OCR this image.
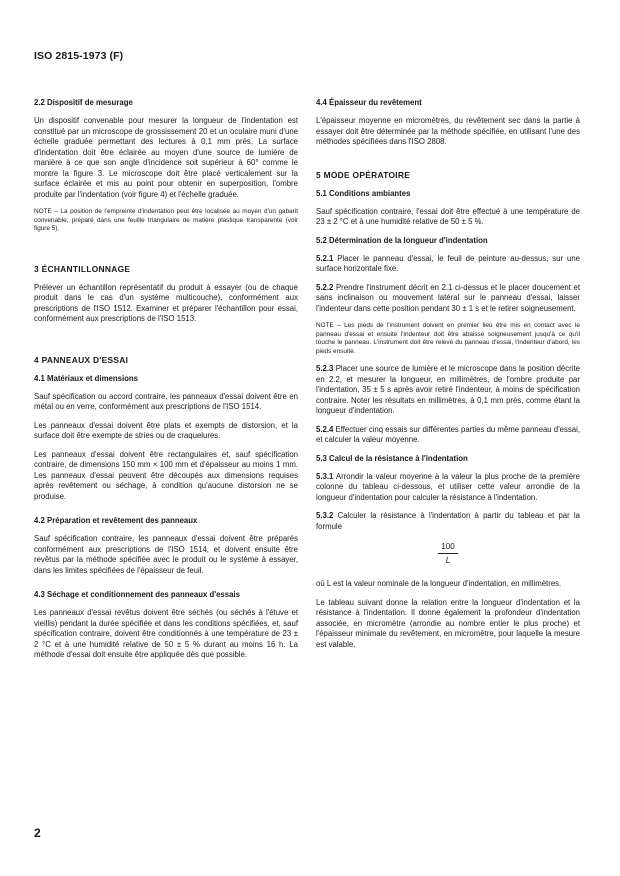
ISO 2815-1973 (F)
2.2 Dispositif de mesurage

Un dispositif convenable pour mesurer la longueur de l'indentation est constitué par un microscope de grossissement 20 et un oculaire muni d'une échelle graduée permettant des lectures à 0,1 mm près. La surface d'indentation doit être éclairée au moyen d'une source de lumière de manière à ce que son angle d'incidence soit supérieur à 60° comme le montre la figure 3. Le microscope doit être placé verticalement sur la surface éclairée et mis au point pour obtenir en superposition, l'ombre produite par l'indentation (voir figure 4) et l'échelle graduée.

NOTE – La position de l'empreinte d'indentation peut être localisée au moyen d'un gabarit convenable, préparé dans une feuille triangulaire de matière plastique transparente (voir figure 5).

3 ÉCHANTILLONNAGE

Prélever un échantillon représentatif du produit à essayer (ou de chaque produit dans le cas d'un système multicouche), conformément aux prescriptions de l'ISO 1512. Examiner et préparer l'échantillon pour essai, conformément aux prescriptions de l'ISO 1513.

4 PANNEAUX D'ESSAI
4.1 Matériaux et dimensions

Sauf spécification ou accord contraire, les panneaux d'essai doivent être en métal ou en verre, conformément aux prescriptions de l'ISO 1514.

Les panneaux d'essai doivent être plats et exempts de distorsion, et la surface doit être exempte de stries ou de craquelures.

Les panneaux d'essai doivent être rectangulaires et, sauf spécification contraire, de dimensions 150 mm × 100 mm et d'épaisseur au moins 1 mm. Les panneaux d'essai peuvent être découpés aux dimensions requises après revêtement ou séchage, à condition qu'aucune distorsion ne se produise.

4.2 Préparation et revêtement des panneaux

Sauf spécification contraire, les panneaux d'essai doivent être préparés conformément aux prescriptions de l'ISO 1514, et doivent ensuite être revêtus par la méthode spécifiée avec le produit ou le système à essayer, dans les limites spécifiées de l'épaisseur de feuil.

4.3 Séchage et conditionnement des panneaux d'essais

Les panneaux d'essai revêtus doivent être séchés (ou séchés à l'étuve et vieillis) pendant la durée spécifiée et dans les conditions spécifiées, et, sauf spécification contraire, doivent être conditionnés à une température de 23 ± 2 °C et à une humidité relative de 50 ± 5 % durant au moins 16 h. La méthode d'essai doit ensuite être appliquée dès que possible.

4.4 Épaisseur du revêtement

L'épaisseur moyenne en micromètres, du revêtement sec dans la partie à essayer doit être déterminée par la méthode spécifiée, en utilisant l'une des méthodes spécifiées dans l'ISO 2808.

5 MODE OPÉRATOIRE
5.1 Conditions ambiantes

Sauf spécification contraire, l'essai doit être effectué à une température de 23 ± 2 °C et à une humidité relative de 50 ± 5 %.

5.2 Détermination de la longueur d'indentation

5.2.1 Placer le panneau d'essai, le feuil de peinture au-dessus, sur une surface horizontale fixe.

5.2.2 Prendre l'instrument décrit en 2.1 ci-dessus et le placer doucement et sans inclinaison ou mouvement latéral sur le panneau d'essai, laisser l'indenteur dans cette position pendant 30 ± 1 s et le retirer soigneusement.

NOTE – Les pieds de l'instrument doivent en premier lieu être mis en contact avec le panneau d'essai et ensuite l'indenteur doit être abaissé soigneusement jusqu'à ce qu'il touche le panneau. L'instrument doit être relevé du panneau d'essai, l'indenteur d'abord, les pieds ensuite.

5.2.3 Placer une source de lumière et le microscope dans la position décrite en 2.2, et mesurer la longueur, en millimètres, de l'ombre produite par l'indentation, 35 ± 5 s après avoir retiré l'indenteur, à moins de spécification contraire. Noter les résultats en millimètres, à 0,1 mm près, comme étant la longueur d'indentation.

5.2.4 Effectuer cinq essais sur différentes parties du même panneau d'essai, et calculer la valeur moyenne.

5.3 Calcul de la résistance à l'indentation

5.3.1 Arrondir la valeur moyenne à la valeur la plus proche de la première colonne du tableau ci-dessous, et utiliser cette valeur arrondie de la longueur d'indentation pour calculer la résistance à l'indentation.

5.3.2 Calculer la résistance à l'indentation à partir du tableau et par la formule

$\frac{100}{L}$

où L est la valeur nominale de la longueur d'indentation, en millimètres.

Le tableau suivant donne la relation entre la longueur d'indentation et la résistance à l'indentation. Il donne également la profondeur d'indentation associée, en micromètre (arrondie au nombre entier le plus proche) et l'épaisseur minimale du revêtement, en micromètre, pour laquelle la mesure est valable.

2
